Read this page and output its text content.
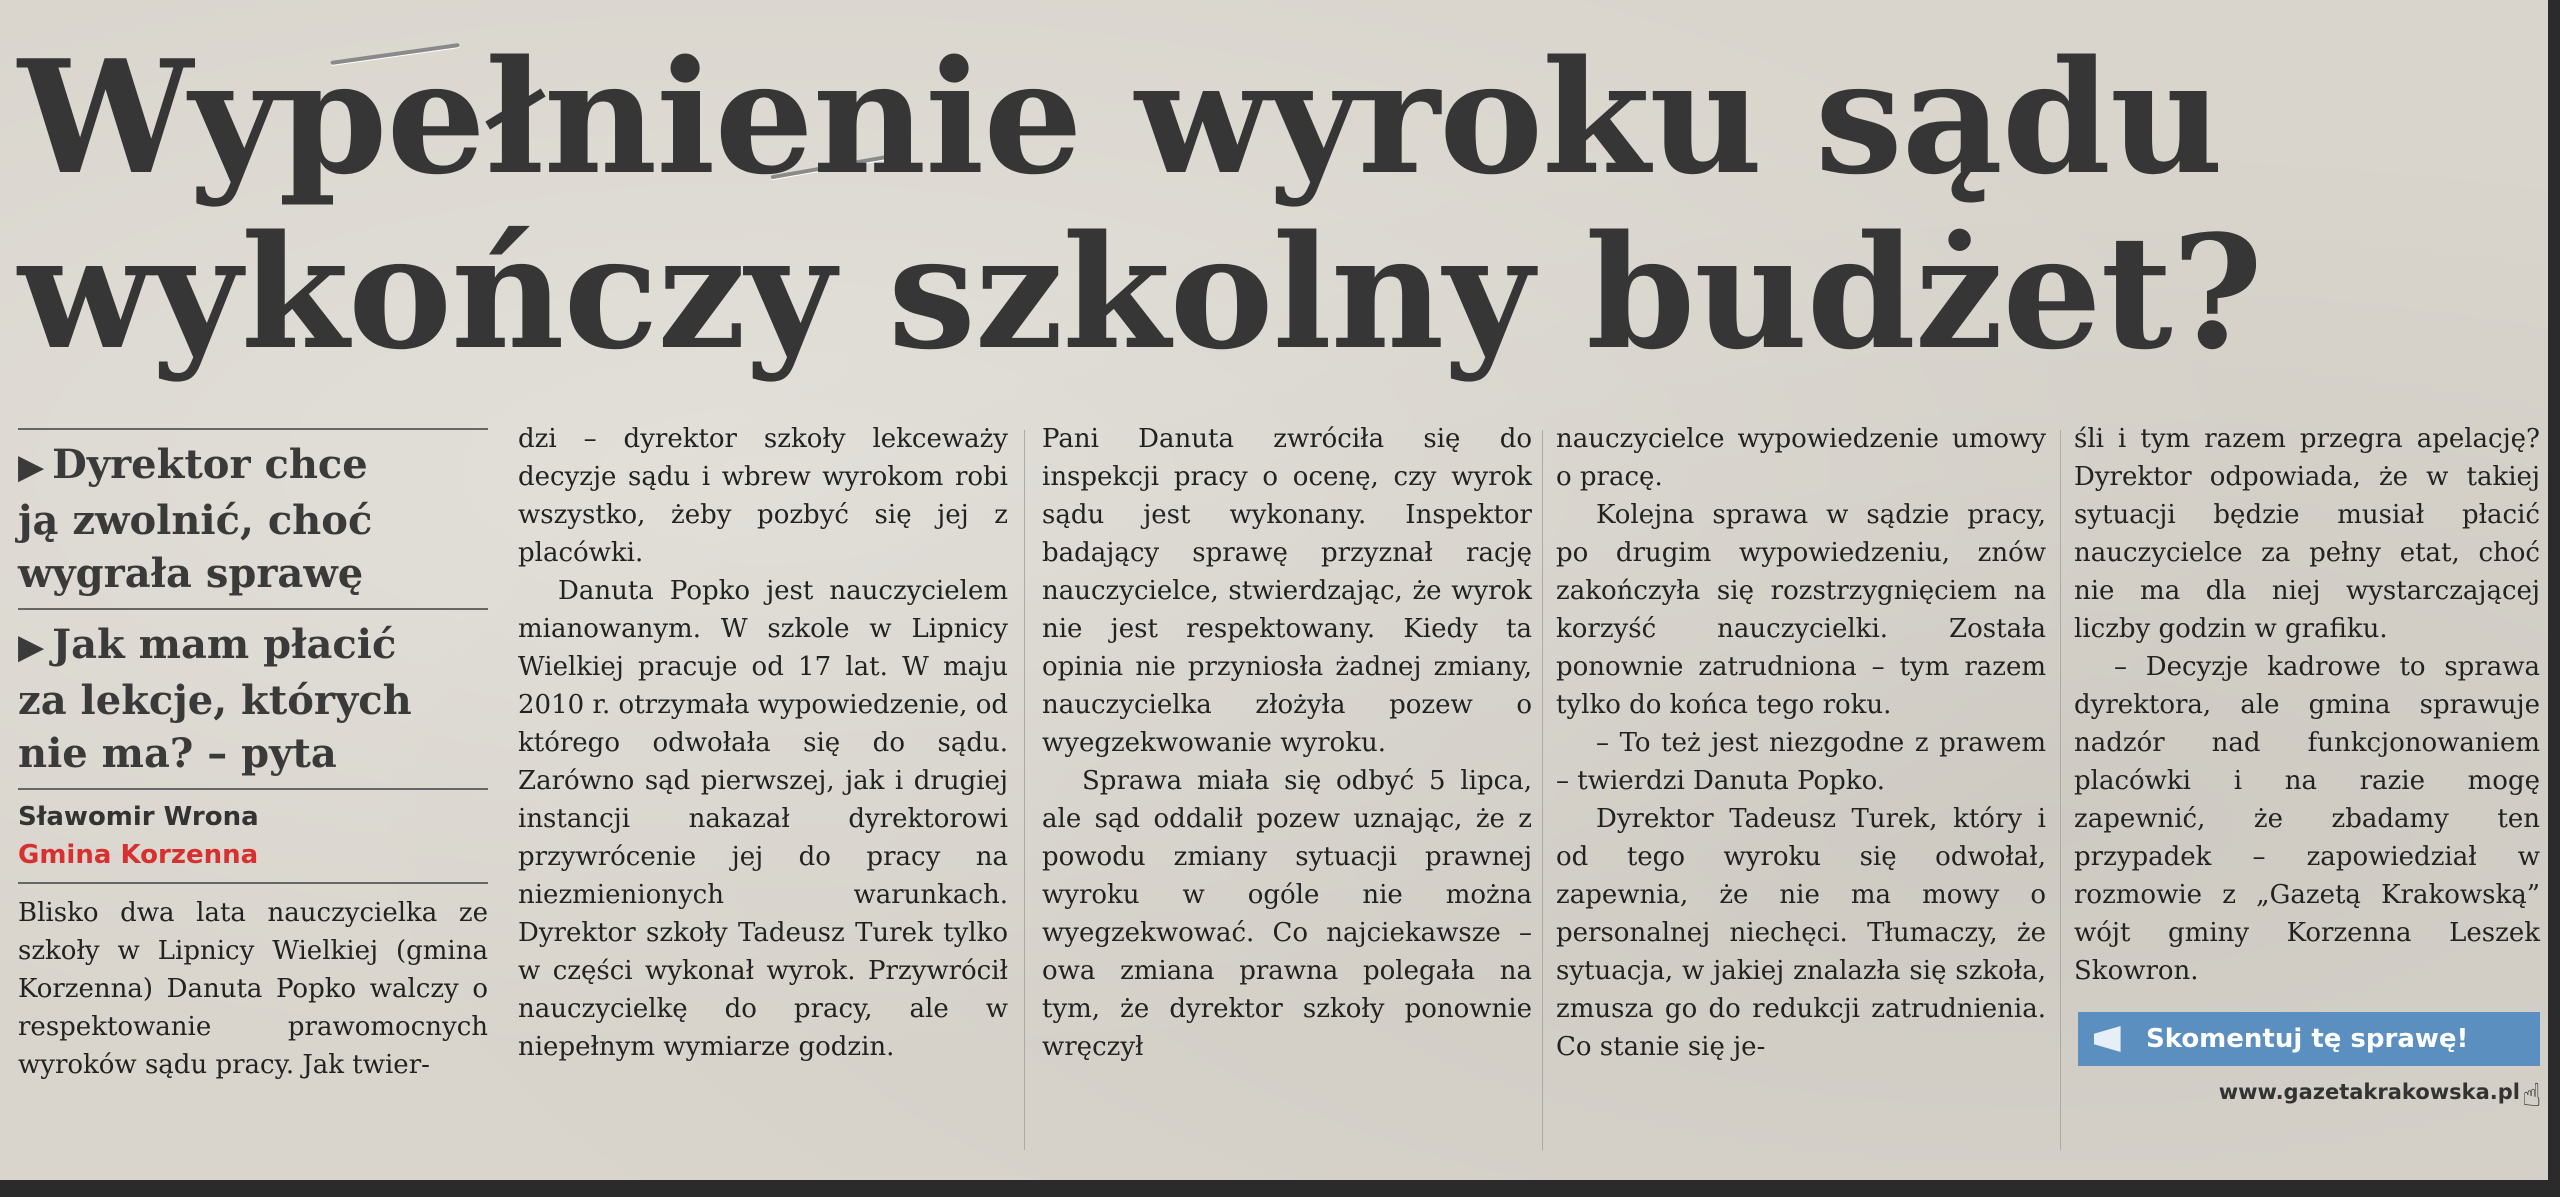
Wypełnienie wyroku sądu
wykończy szkolny budżet?

▶ Dyrektor chce
ją zwolnić, choć
wygrała sprawę

▶ Jak mam płacić
za lekcje, których
nie ma? – pyta

Sławomir Wrona
Gmina Korzenna
Blisko dwa lata nauczycielka ze szkoły w Lipnicy Wielkiej (gmina Korzenna) Danuta Popko walczy o respektowanie prawomocnych wyroków sądu pracy. Jak twier-

dzi – dyrektor szkoły lekceważy decyzje sądu i wbrew wyrokom robi wszystko, żeby pozbyć się jej z placówki.

Danuta Popko jest nauczycielem mianowanym. W szkole w Lipnicy Wielkiej pracuje od 17 lat. W maju 2010 r. otrzymała wypowiedzenie, od którego odwołała się do sądu. Zarówno sąd pierwszej, jak i drugiej instancji nakazał dyrektorowi przywrócenie jej do pracy na niezmienionych warunkach. Dyrektor szkoły Tadeusz Turek tylko w części wykonał wyrok. Przywrócił nauczycielkę do pracy, ale w niepełnym wymiarze godzin.

Pani Danuta zwróciła się do inspekcji pracy o ocenę, czy wyrok sądu jest wykonany. Inspektor badający sprawę przyznał rację nauczycielce, stwierdzając, że wyrok nie jest respektowany. Kiedy ta opinia nie przyniosła żadnej zmiany, nauczycielka złożyła pozew o wyegzekwowanie wyroku.

Sprawa miała się odbyć 5 lipca, ale sąd oddalił pozew uznając, że z powodu zmiany sytuacji prawnej wyroku w ogóle nie można wyegzekwować. Co najciekawsze – owa zmiana prawna polegała na tym, że dyrektor szkoły ponownie wręczył

nauczycielce wypowiedzenie umowy o pracę.

Kolejna sprawa w sądzie pracy, po drugim wypowiedzeniu, znów zakończyła się rozstrzygnięciem na korzyść nauczycielki. Została ponownie zatrudniona – tym razem tylko do końca tego roku.

– To też jest niezgodne z prawem – twierdzi Danuta Popko.

Dyrektor Tadeusz Turek, który i od tego wyroku się odwołał, zapewnia, że nie ma mowy o personalnej niechęci. Tłumaczy, że sytuacja, w jakiej znalazła się szkoła, zmusza go do redukcji zatrudnienia. Co stanie się je-

śli i tym razem przegra apelację? Dyrektor odpowiada, że w takiej sytuacji będzie musiał płacić nauczycielce za pełny etat, choć nie ma dla niej wystarczającej liczby godzin w grafiku.

– Decyzje kadrowe to sprawa dyrektora, ale gmina sprawuje nadzór nad funkcjonowaniem placówki i na razie mogę zapewnić, że zbadamy ten przypadek – zapowiedział w rozmowie z „Gazetą Krakowską” wójt gminy Korzenna Leszek Skowron.

Skomentuj tę sprawę!
www.gazetakrakowska.pl ☝
